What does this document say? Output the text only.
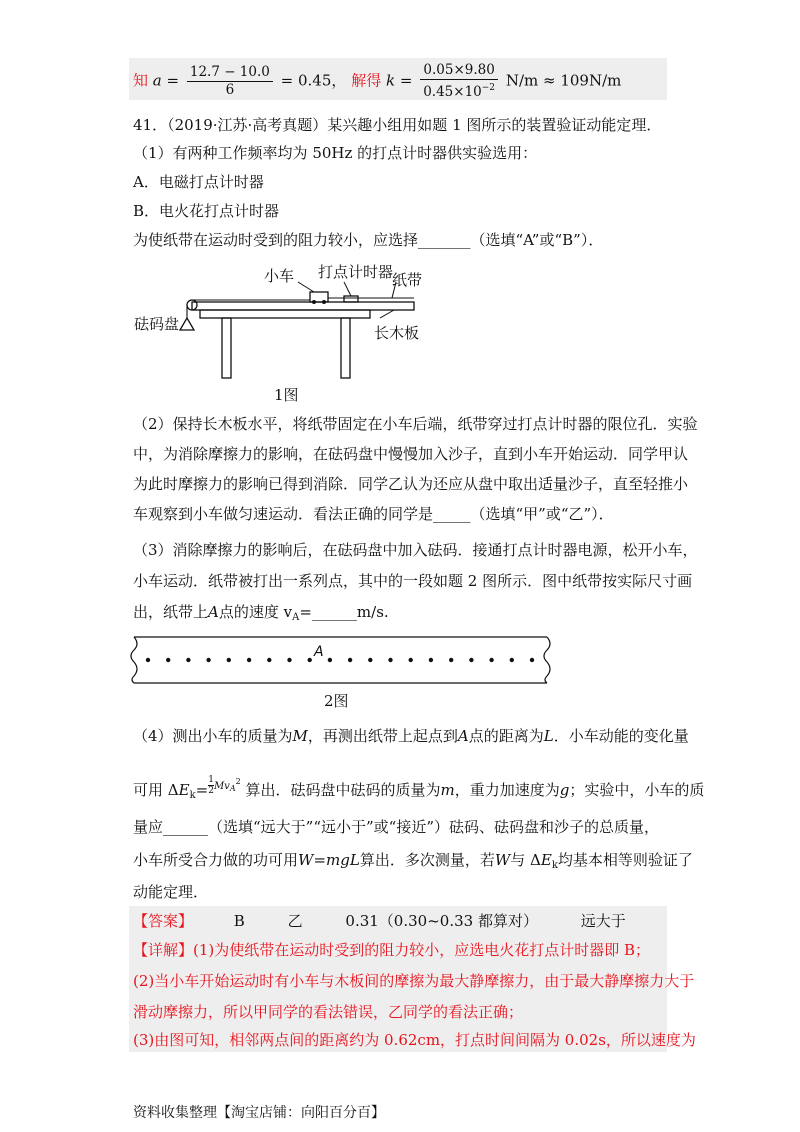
知 $a = \frac{12.7 - 10.0}{6} = 0.45$， 解得 $k = \frac{0.05\times 9.80}{0.45\times 10^{-2}} N/m \approx 109N/m$
41．（2019·江苏·高考真题）某兴趣小组用如题 1 图所示的装置验证动能定理．
（1）有两种工作频率均为 50Hz 的打点计时器供实验选用：
A．电磁打点计时器
B．电火花打点计时器
为使纸带在运动时受到的阻力较小，应选择_______（选填“A”或“B”）．
小车 打点计时器
纸带
砝码盘	长木板
1图
（2）保持长木板水平，将纸带固定在小车后端，纸带穿过打点计时器的限位孔．实验
中，为消除摩擦力的影响，在砝码盘中慢慢加入沙子，直到小车开始运动．同学甲认
为此时摩擦力的影响已得到消除．同学乙认为还应从盘中取出适量沙子，直至轻推小
车观察到小车做匀速运动．看法正确的同学是_____（选填“甲”或“乙”）．
（3）消除摩擦力的影响后，在砝码盘中加入砝码．接通打点计时器电源，松开小车，
小车运动．纸带被打出一系列点，其中的一段如题 2 图所示．图中纸带按实际尺寸画
出，纸带上A点的速度 $v_A=\_\_\_\_\_\_m/s$.
A
2图
（4）测出小车的质量为M，再测出纸带上起点到A点的距离为L．小车动能的变化量
可用 $\Delta E_k= \frac{1}{2} ^{MvA2}$ 算出．砝码盘中砝码的质量为m，重力加速度为g；实验中，小车的质
量应______（选填“远大于”“远小于”或“接近”）砝码、砝码盘和沙子的总质量，
小车所受合力做的功可用W=mgL算出．多次测量，若W与 $\Delta E_k$均基本相等则验证了
动能定理．
【答案】	B	乙	0.31（0.30~0.33 都算对）	远大于
【详解】(1)为使纸带在运动时受到的阻力较小，应选电火花打点计时器即 B；
(2)当小车开始运动时有小车与木板间的摩擦为最大静摩擦力，由于最大静摩擦力大于
滑动摩擦力，所以甲同学的看法错误，乙同学的看法正确；
(3)由图可知，相邻两点间的距离约为 0.62cm，打点时间间隔为 0.02s，所以速度为
资料收集整理【淘宝店铺：向阳百分百】
